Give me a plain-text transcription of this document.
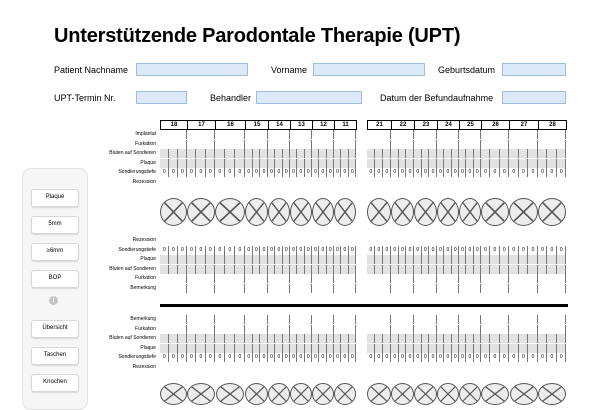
Unterstützende Parodontale Therapie (UPT)
Patient Nachname	Vorname	Geburtsdatum
UPT-Termin Nr.	Behandler	Datum der Befundaufnahme
Plaque
5mm
≥6mm
BOP
i
Übersicht
Taschen
Knochen
18	17	16	15	14	13	12	11	21	22	23	24	25	26	27	28
Implantat
Furkation
Bluten auf Sondieren
Plaque
Sondierungstiefe 0 0 0 0 0 0 0 0 0 0 0 0 0 0 0 0 0 0 0 0 0 0 0 0	0 0 0 0 0 0 0 0 0 0 0 0 0 0 0 0 0 0 0 0 0 0 0 0
Rezession
Rezession
Sondierungstiefe 0 0 0 0 0 0 0 0 0 0 0 0 0 0 0 0 0 0 0 0 0 0 0 0	0 0 0 0 0 0 0 0 0 0 0 0 0 0 0 0 0 0 0 0 0 0 0 0
Plaque
Bluten auf Sondieren
Furkation
Bemerkung
Bemerkung
Furkation
Bluten auf Sondieren
Plaque
Sondierungstiefe 0 0 0 0 0 0 0 0 0 0 0 0 0 0 0 0 0 0 0 0 0 0 0 0	0 0 0 0 0 0 0 0 0 0 0 0 0 0 0 0 0 0 0 0 0 0 0 0
Rezession
